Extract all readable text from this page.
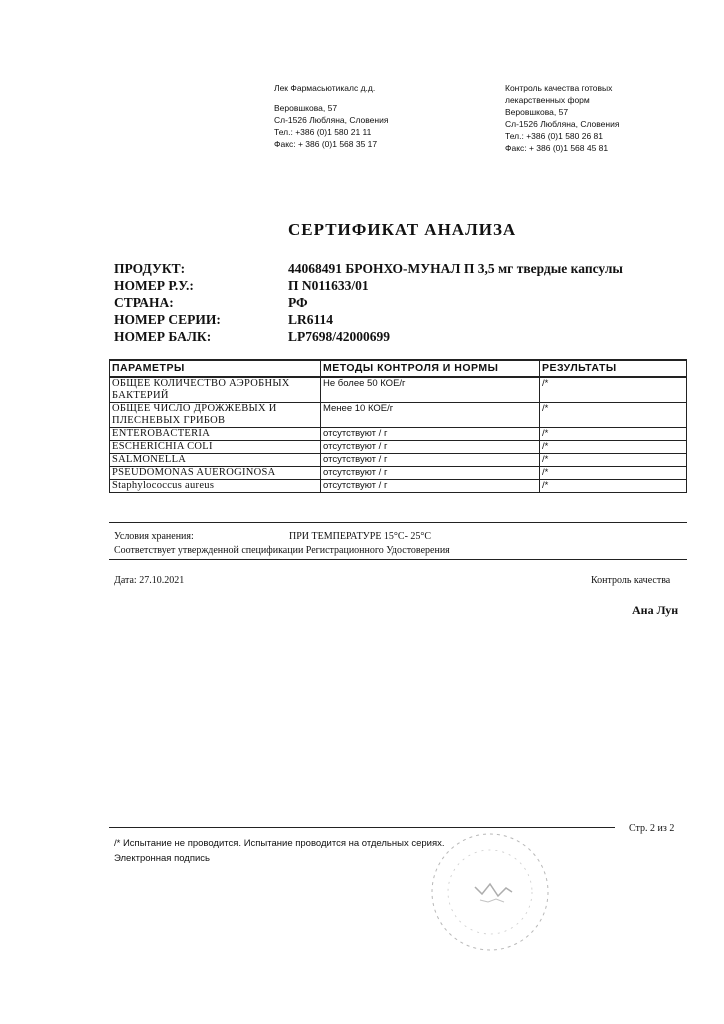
Лек Фармасьютикалс д.д.
Веровшкова, 57
Сл-1526 Любляна, Словения
Тел.: +386 (0)1 580 21 11
Факс: + 386 (0)1 568 35 17
Контроль качества готовых
лекарственных форм
Веровшкова, 57
Сл-1526 Любляна, Словения
Тел.: +386 (0)1 580 26 81
Факс: + 386 (0)1 568 45 81
СЕРТИФИКАТ АНАЛИЗА
ПРОДУКТ:	44068491 БРОНХО-МУНАЛ П 3,5 мг твердые капсулы
НОМЕР Р.У.:	П N011633/01
СТРАНА:	РФ
НОМЕР СЕРИИ:	LR6114
НОМЕР БАЛК:	LP7698/42000699
ПАРАМЕТРЫ	МЕТОДЫ КОНТРОЛЯ И НОРМЫ	РЕЗУЛЬТАТЫ
ОБЩЕЕ КОЛИЧЕСТВО АЭРОБНЫХ БАКТЕРИЙ	Не более 50 КОЕ/г	/*
ОБЩЕЕ ЧИСЛО ДРОЖЖЕВЫХ И ПЛЕСНЕВЫХ ГРИБОВ	Менее 10 КОЕ/г	/*
ENTEROBACTERIA	отсутствуют / г	/*
ESCHERICHIA COLI	отсутствуют / г	/*
SALMONELLA	отсутствуют / г	/*
PSEUDOMONAS AUEROGINOSA	отсутствуют / г	/*
Staphylococcus aureus	отсутствуют / г	/*
Условия хранения:	ПРИ ТЕМПЕРАТУРЕ 15°C- 25°C
Соответствует утвержденной спецификации Регистрационного Удостоверения
Дата: 27.10.2021	Контроль качества
Ана Лун
Стр. 2 из 2
/* Испытание не проводится. Испытание проводится на отдельных сериях.
Электронная подпись
